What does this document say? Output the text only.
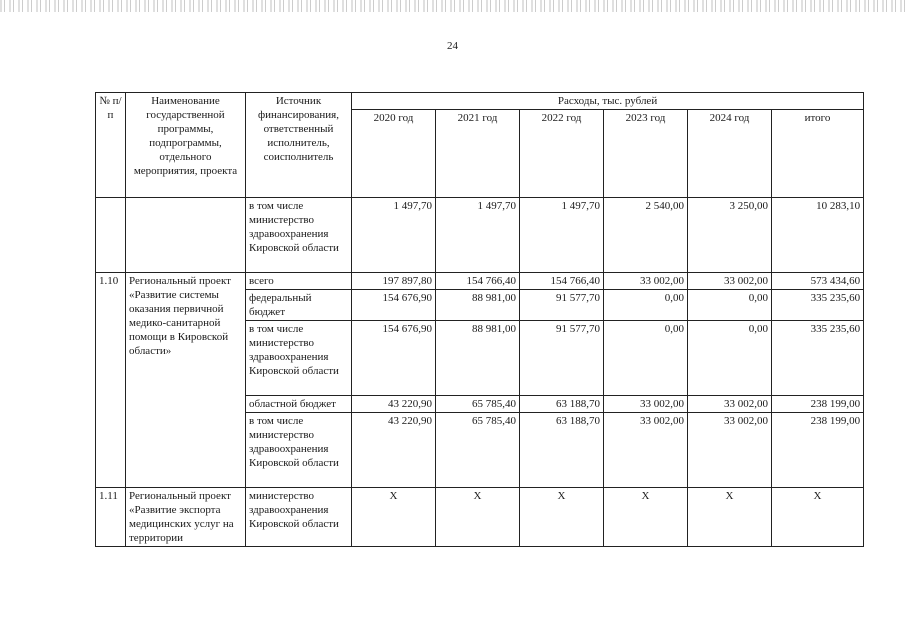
24
№ п/п	Наименование государственной программы, подпрограммы, отдельного мероприятия, проекта	Источник финансирования, ответственный исполнитель, соисполнитель	Расходы, тыс. рублей					
			2020 год	2021 год	2022 год	2023 год	2024 год	итого
		в том числе министерство здравоохранения Кировской области	1 497,70	1 497,70	1 497,70	2 540,00	3 250,00	10 283,10
1.10	Региональный проект «Развитие системы оказания первичной медико-санитарной помощи в Кировской области»	всего	197 897,80	154 766,40	154 766,40	33 002,00	33 002,00	573 434,60
		федеральный бюджет	154 676,90	88 981,00	91 577,70	0,00	0,00	335 235,60
		в том числе министерство здравоохранения Кировской области	154 676,90	88 981,00	91 577,70	0,00	0,00	335 235,60
		областной бюджет	43 220,90	65 785,40	63 188,70	33 002,00	33 002,00	238 199,00
		в том числе министерство здравоохранения Кировской области	43 220,90	65 785,40	63 188,70	33 002,00	33 002,00	238 199,00
1.11	Региональный проект «Развитие экспорта медицинских услуг на территории	министерство здравоохранения Кировской области	X	X	X	X	X	X
